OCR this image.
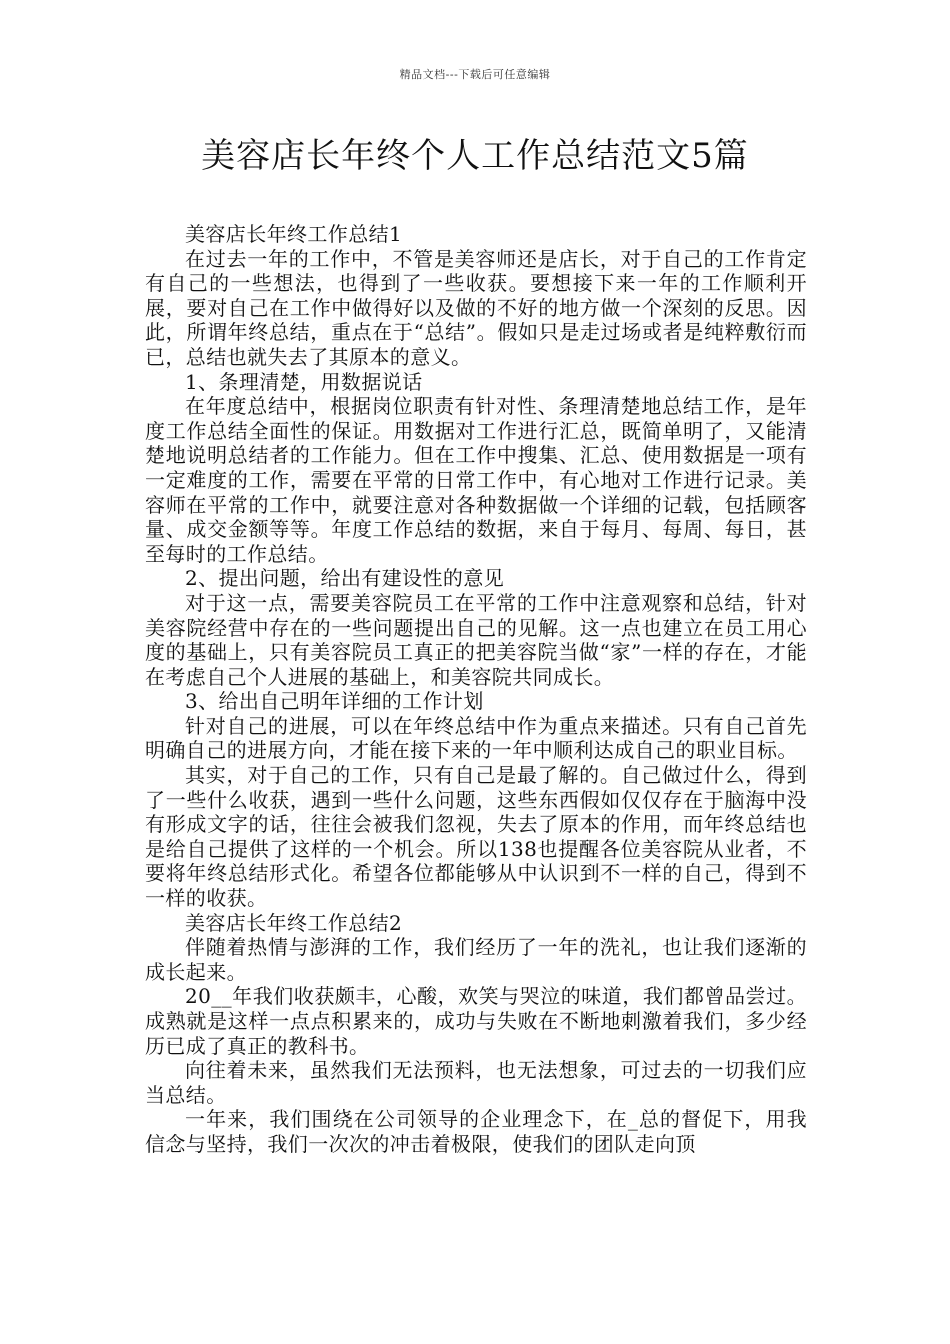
精品文档---下载后可任意编辑
美容店长年终个人工作总结范文5篇

美容店长年终工作总结1

在过去一年的工作中，不管是美容师还是店长，对于自己的工作肯定有自己的一些想法，也得到了一些收获。要想接下来一年的工作顺利开展，要对自己在工作中做得好以及做的不好的地方做一个深刻的反思。因此，所谓年终总结，重点在于“总结”。假如只是走过场或者是纯粹敷衍而已，总结也就失去了其原本的意义。

1、条理清楚，用数据说话

在年度总结中，根据岗位职责有针对性、条理清楚地总结工作，是年度工作总结全面性的保证。用数据对工作进行汇总，既简单明了，又能清楚地说明总结者的工作能力。但在工作中搜集、汇总、使用数据是一项有一定难度的工作，需要在平常的日常工作中，有心地对工作进行记录。美容师在平常的工作中，就要注意对各种数据做一个详细的记载，包括顾客量、成交金额等等。年度工作总结的数据，来自于每月、每周、每日，甚至每时的工作总结。

2、提出问题，给出有建设性的意见

对于这一点，需要美容院员工在平常的工作中注意观察和总结，针对美容院经营中存在的一些问题提出自己的见解。这一点也建立在员工用心度的基础上，只有美容院员工真正的把美容院当做“家”一样的存在，才能在考虑自己个人进展的基础上，和美容院共同成长。

3、给出自己明年详细的工作计划

针对自己的进展，可以在年终总结中作为重点来描述。只有自己首先明确自己的进展方向，才能在接下来的一年中顺利达成自己的职业目标。

其实，对于自己的工作，只有自己是最了解的。自己做过什么，得到了一些什么收获，遇到一些什么问题，这些东西假如仅仅存在于脑海中没有形成文字的话，往往会被我们忽视，失去了原本的作用，而年终总结也是给自己提供了这样的一个机会。所以138也提醒各位美容院从业者，不要将年终总结形式化。希望各位都能够从中认识到不一样的自己，得到不一样的收获。

美容店长年终工作总结2

伴随着热情与澎湃的工作，我们经历了一年的洗礼，也让我们逐渐的成长起来。

20__年我们收获颇丰，心酸，欢笑与哭泣的味道，我们都曾品尝过。成熟就是这样一点点积累来的，成功与失败在不断地刺激着我们，多少经历已成了真正的教科书。

向往着未来，虽然我们无法预料，也无法想象，可过去的一切我们应当总结。

一年来，我们围绕在公司领导的企业理念下，在_总的督促下，用我信念与坚持，我们一次次的冲击着极限，使我们的团队走向顶
